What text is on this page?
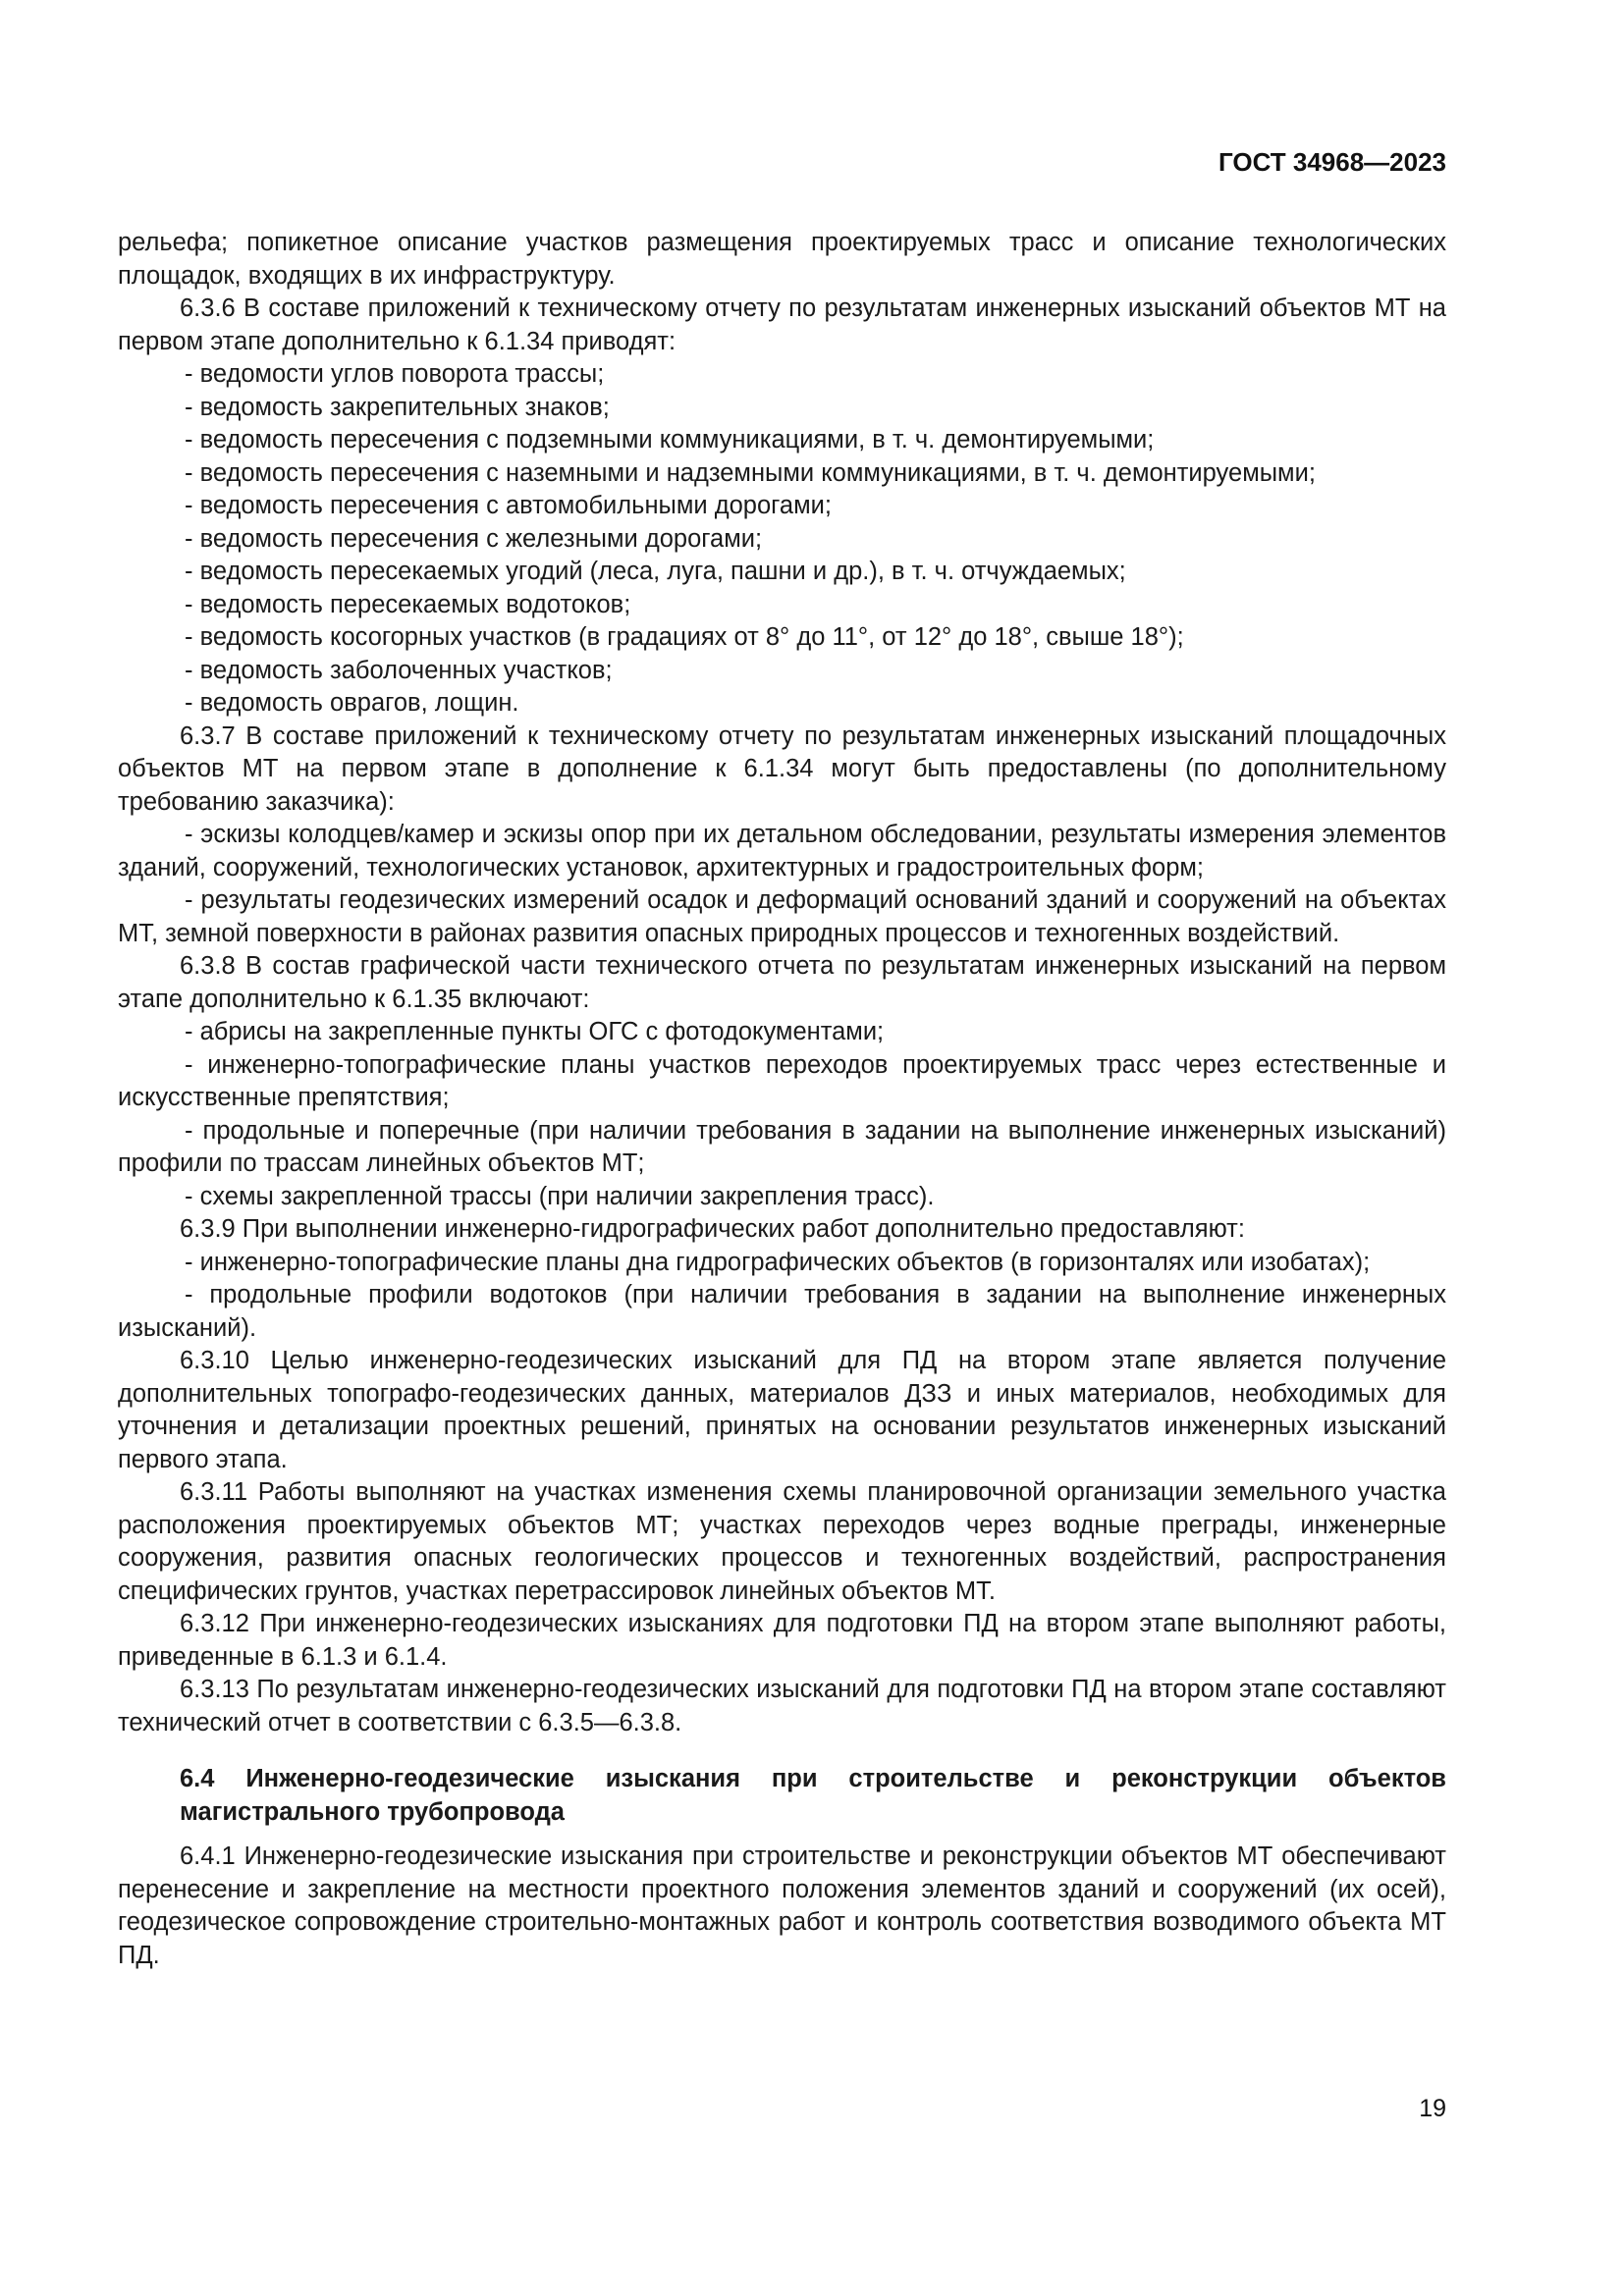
ГОСТ 34968—2023

рельефа; попикетное описание участков размещения проектируемых трасс и описание технологических площадок, входящих в их инфраструктуру.

6.3.6 В составе приложений к техническому отчету по результатам инженерных изысканий объектов МТ на первом этапе дополнительно к 6.1.34 приводят:

- ведомости углов поворота трассы;

- ведомость закрепительных знаков;

- ведомость пересечения с подземными коммуникациями, в т. ч. демонтируемыми;

- ведомость пересечения с наземными и надземными коммуникациями, в т. ч. демонтируемыми;

- ведомость пересечения с автомобильными дорогами;

- ведомость пересечения с железными дорогами;

- ведомость пересекаемых угодий (леса, луга, пашни и др.), в т. ч. отчуждаемых;

- ведомость пересекаемых водотоков;

- ведомость косогорных участков (в градациях от 8° до 11°, от 12° до 18°, свыше 18°);

- ведомость заболоченных участков;

- ведомость оврагов, лощин.

6.3.7 В составе приложений к техническому отчету по результатам инженерных изысканий площадочных объектов МТ на первом этапе в дополнение к 6.1.34 могут быть предоставлены (по дополнительному требованию заказчика):

- эскизы колодцев/камер и эскизы опор при их детальном обследовании, результаты измерения элементов зданий, сооружений, технологических установок, архитектурных и градостроительных форм;

- результаты геодезических измерений осадок и деформаций оснований зданий и сооружений на объектах МТ, земной поверхности в районах развития опасных природных процессов и техногенных воздействий.

6.3.8 В состав графической части технического отчета по результатам инженерных изысканий на первом этапе дополнительно к 6.1.35 включают:

- абрисы на закрепленные пункты ОГС с фотодокументами;

- инженерно-топографические планы участков переходов проектируемых трасс через естественные и искусственные препятствия;

- продольные и поперечные (при наличии требования в задании на выполнение инженерных изысканий) профили по трассам линейных объектов МТ;

- схемы закрепленной трассы (при наличии закрепления трасс).

6.3.9 При выполнении инженерно-гидрографических работ дополнительно предоставляют:

- инженерно-топографические планы дна гидрографических объектов (в горизонталях или изобатах);

- продольные профили водотоков (при наличии требования в задании на выполнение инженерных изысканий).

6.3.10 Целью инженерно-геодезических изысканий для ПД на втором этапе является получение дополнительных топографо-геодезических данных, материалов ДЗЗ и иных материалов, необходимых для уточнения и детализации проектных решений, принятых на основании результатов инженерных изысканий первого этапа.

6.3.11 Работы выполняют на участках изменения схемы планировочной организации земельного участка расположения проектируемых объектов МТ; участках переходов через водные преграды, инженерные сооружения, развития опасных геологических процессов и техногенных воздействий, распространения специфических грунтов, участках перетрассировок линейных объектов МТ.

6.3.12 При инженерно-геодезических изысканиях для подготовки ПД на втором этапе выполняют работы, приведенные в 6.1.3 и 6.1.4.

6.3.13 По результатам инженерно-геодезических изысканий для подготовки ПД на втором этапе составляют технический отчет в соответствии с 6.3.5—6.3.8.

6.4 Инженерно-геодезические изыскания при строительстве и реконструкции объектов магистрального трубопровода

6.4.1 Инженерно-геодезические изыскания при строительстве и реконструкции объектов МТ обеспечивают перенесение и закрепление на местности проектного положения элементов зданий и сооружений (их осей), геодезическое сопровождение строительно-монтажных работ и контроль соответствия возводимого объекта МТ ПД.

19
